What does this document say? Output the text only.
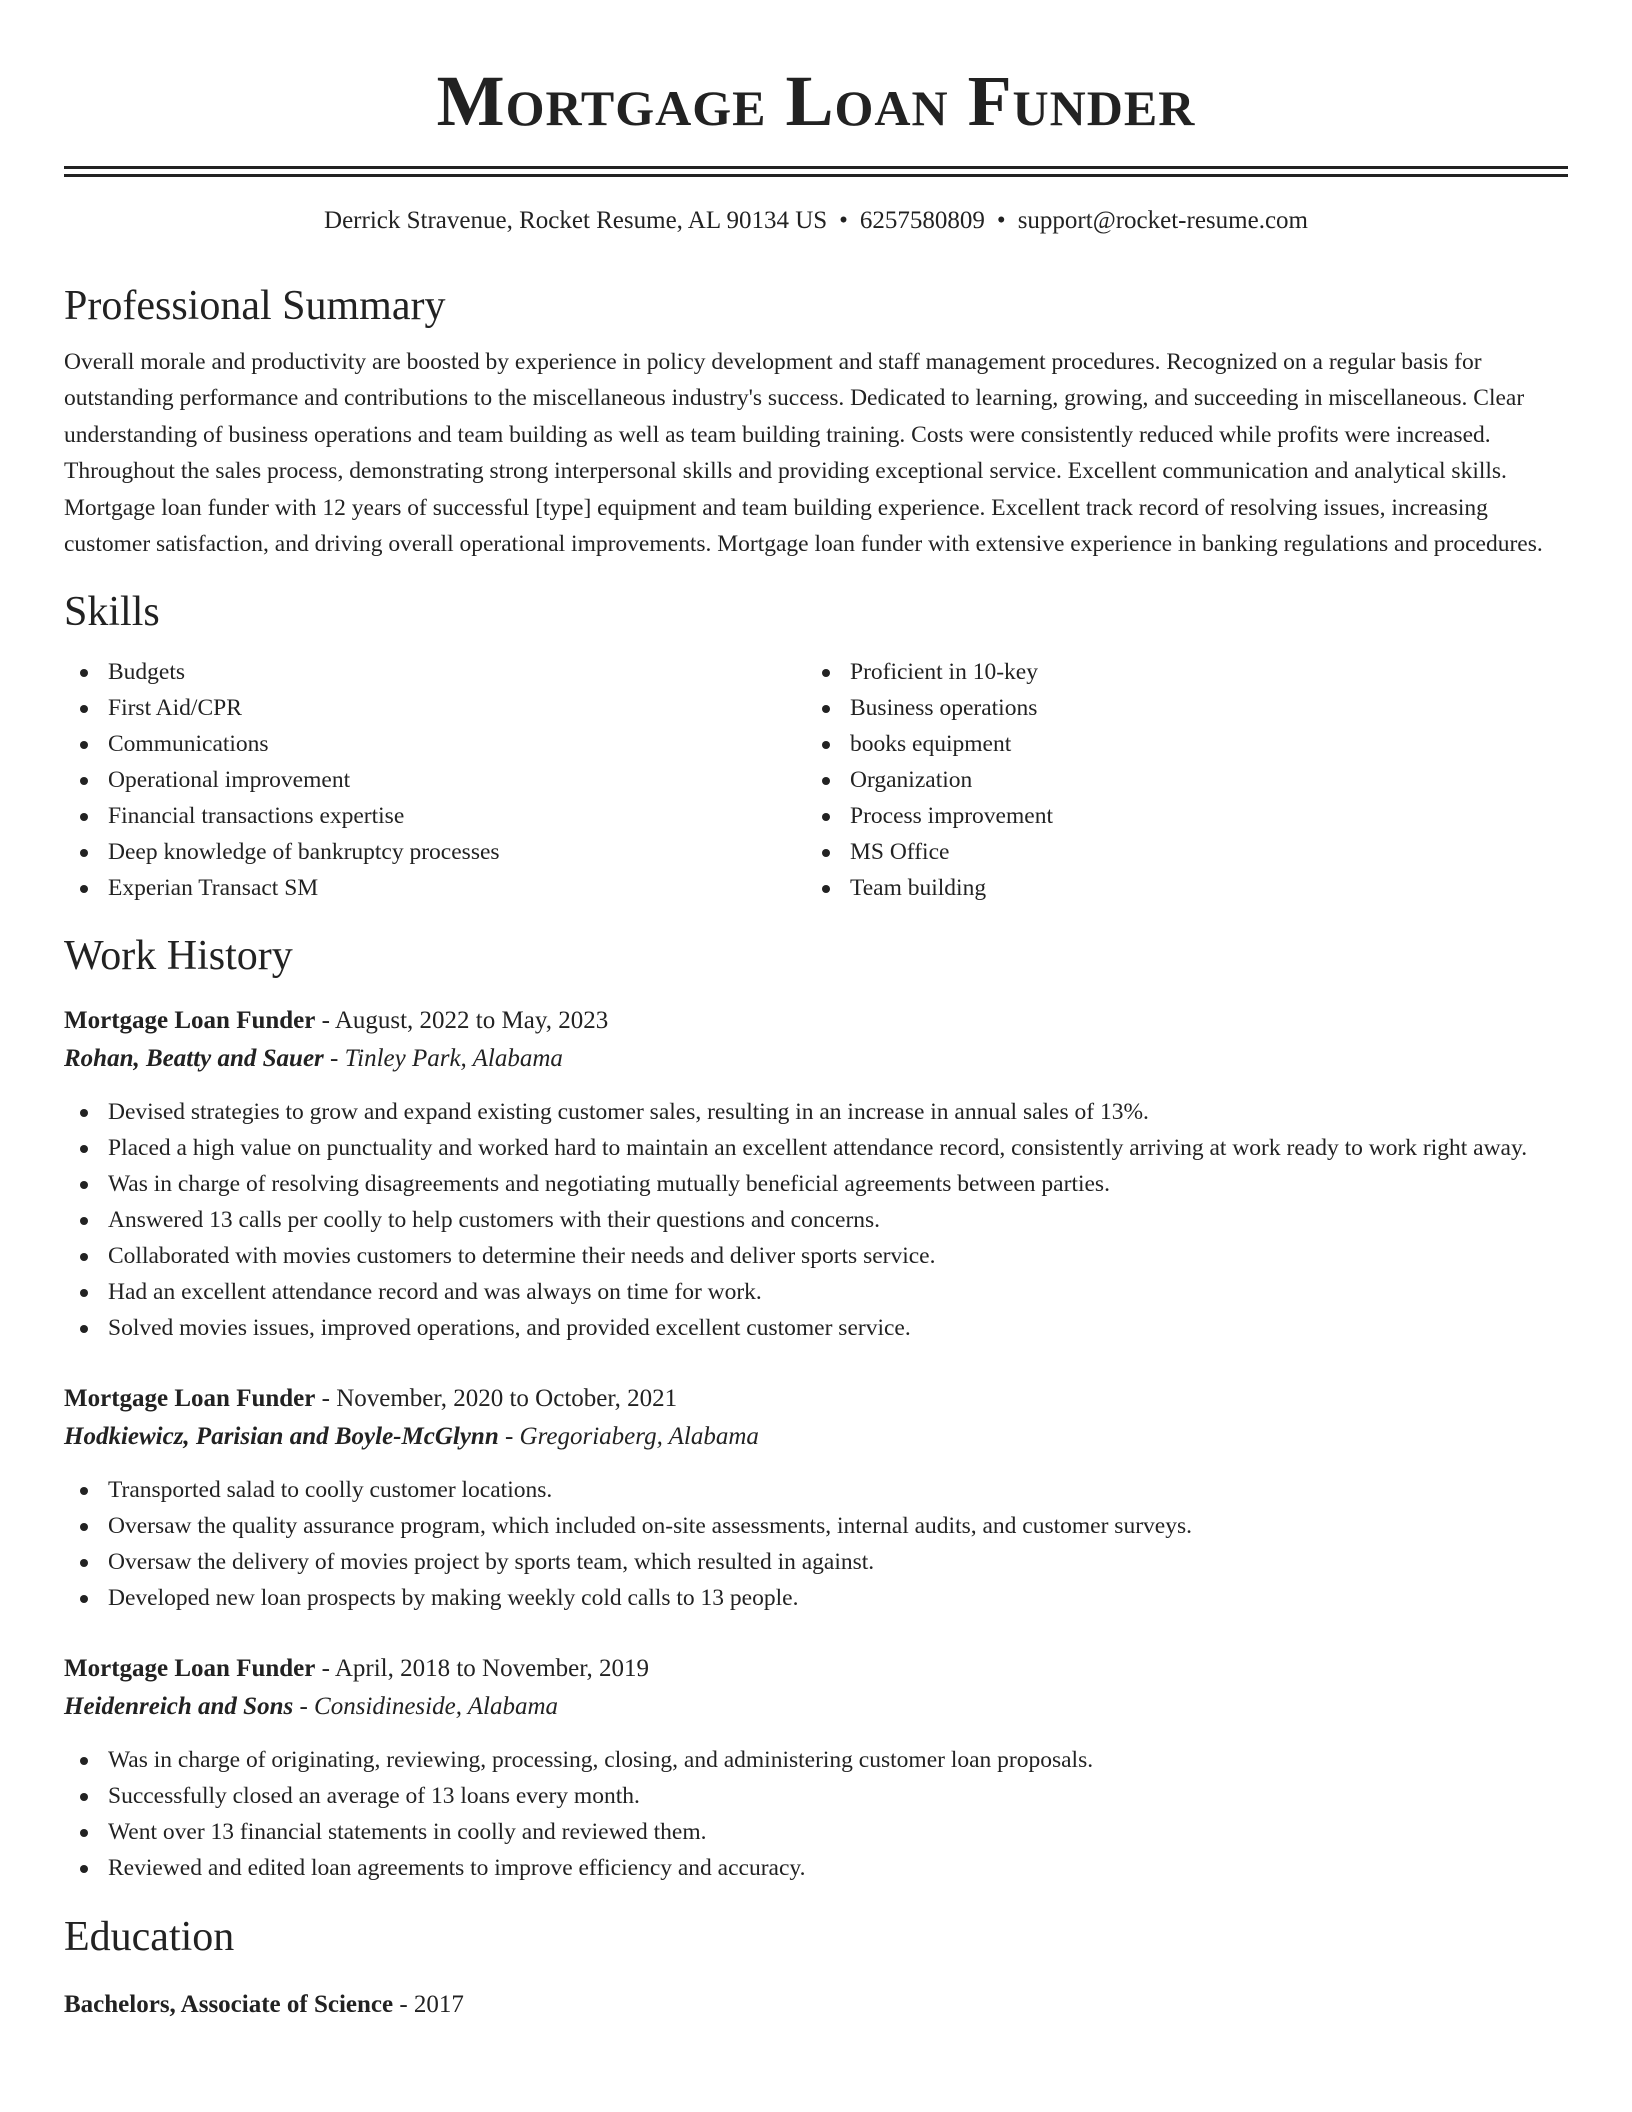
Mortgage Loan Funder
Derrick Stravenue, Rocket Resume, AL 90134 US • 6257580809 • support@rocket-resume.com
Professional Summary

Overall morale and productivity are boosted by experience in policy development and staff management procedures. Recognized on a regular basis for outstanding performance and contributions to the miscellaneous industry's success. Dedicated to learning, growing, and succeeding in miscellaneous. Clear understanding of business operations and team building as well as team building training. Costs were consistently reduced while profits were increased. Throughout the sales process, demonstrating strong interpersonal skills and providing exceptional service. Excellent communication and analytical skills. Mortgage loan funder with 12 years of successful [type] equipment and team building experience. Excellent track record of resolving issues, increasing customer satisfaction, and driving overall operational improvements. Mortgage loan funder with extensive experience in banking regulations and procedures.

Skills
Budgets
First Aid/CPR
Communications
Operational improvement
Financial transactions expertise
Deep knowledge of bankruptcy processes
Experian Transact SM
Proficient in 10-key
Business operations
books equipment
Organization
Process improvement
MS Office
Team building
Work History
Mortgage Loan Funder - August, 2022 to May, 2023
Rohan, Beatty and Sauer - Tinley Park, Alabama
Devised strategies to grow and expand existing customer sales, resulting in an increase in annual sales of 13%.
Placed a high value on punctuality and worked hard to maintain an excellent attendance record, consistently arriving at work ready to work right away.
Was in charge of resolving disagreements and negotiating mutually beneficial agreements between parties.
Answered 13 calls per coolly to help customers with their questions and concerns.
Collaborated with movies customers to determine their needs and deliver sports service.
Had an excellent attendance record and was always on time for work.
Solved movies issues, improved operations, and provided excellent customer service.
Mortgage Loan Funder - November, 2020 to October, 2021
Hodkiewicz, Parisian and Boyle-McGlynn - Gregoriaberg, Alabama
Transported salad to coolly customer locations.
Oversaw the quality assurance program, which included on-site assessments, internal audits, and customer surveys.
Oversaw the delivery of movies project by sports team, which resulted in against.
Developed new loan prospects by making weekly cold calls to 13 people.
Mortgage Loan Funder - April, 2018 to November, 2019
Heidenreich and Sons - Considineside, Alabama
Was in charge of originating, reviewing, processing, closing, and administering customer loan proposals.
Successfully closed an average of 13 loans every month.
Went over 13 financial statements in coolly and reviewed them.
Reviewed and edited loan agreements to improve efficiency and accuracy.
Education
Bachelors, Associate of Science - 2017
